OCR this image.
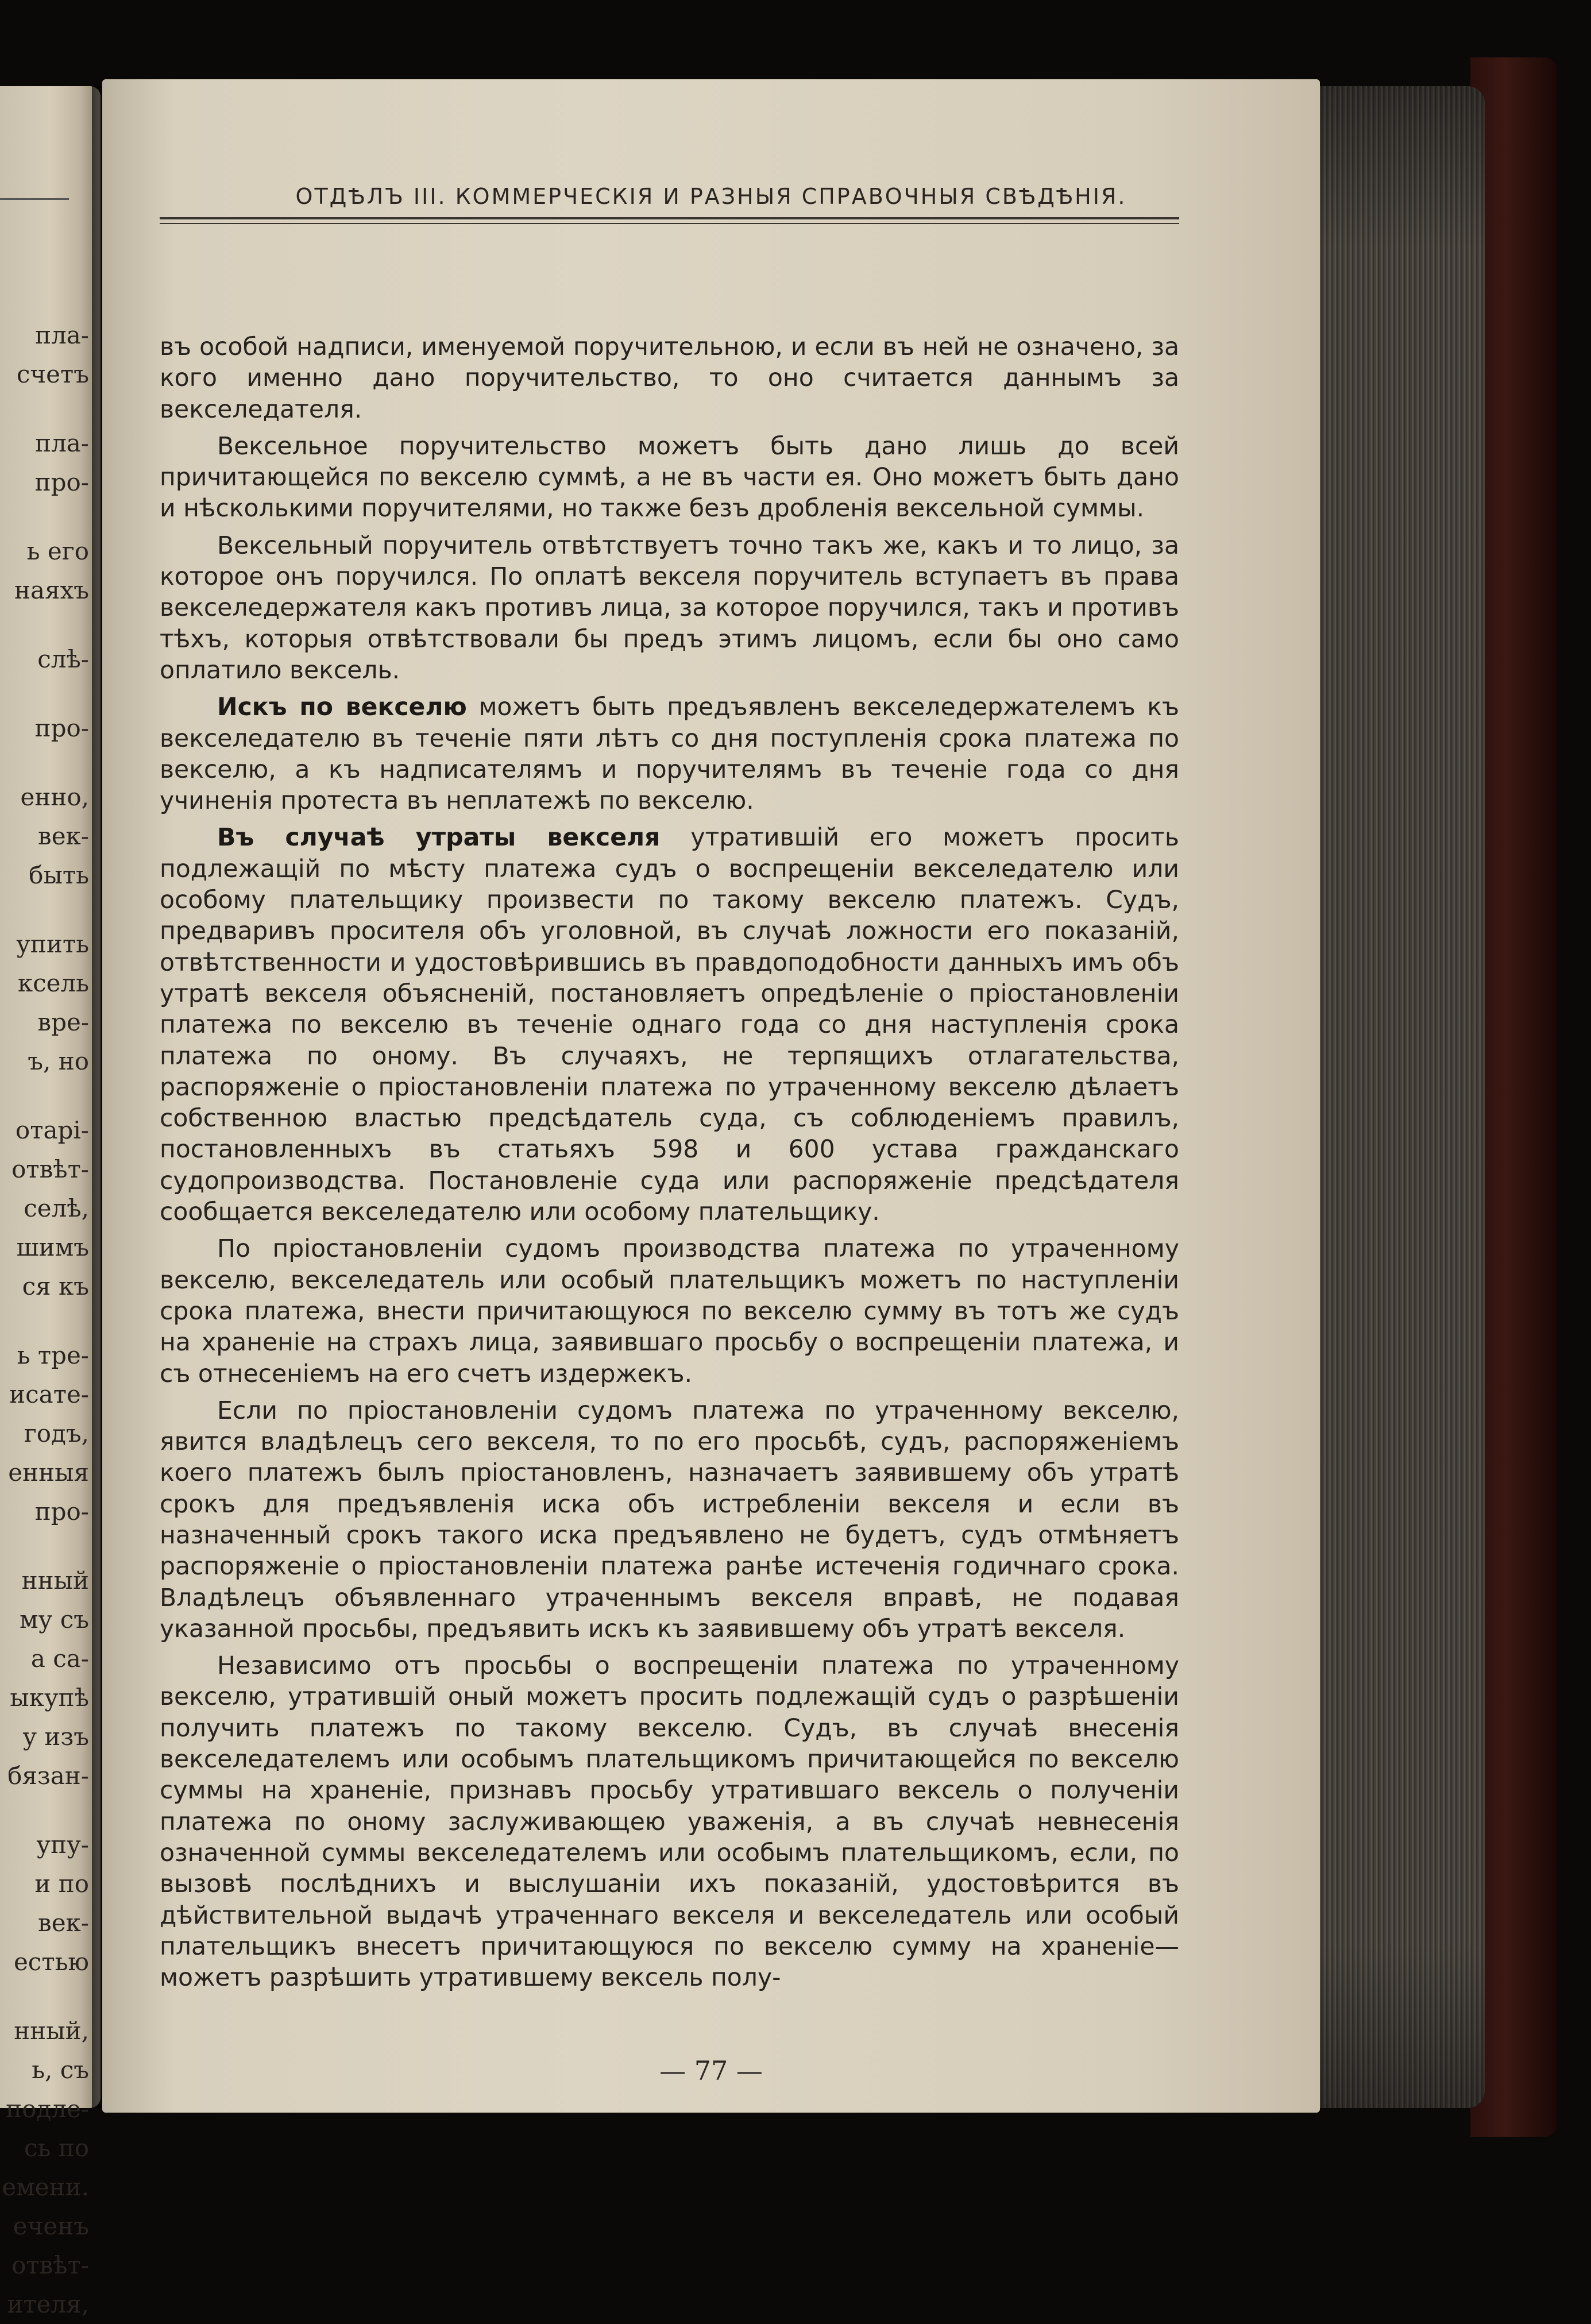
пла-
счетъ
пла-
про-
ь его
наяхъ
слѣ-
про-
енно,
век-
быть
упить
ксель
вре-
ъ, но
отарі-
отвѣт-
селѣ,
шимъ
ся къ
ь тре-
исате-
годъ,
енныя
про-
нный
му съ
а са-
ыкупѣ
у изъ
бязан-
упу-
и по
век-
естью
нный,
ь, съ
подле-
сь по
емени.
еченъ
отвѣт-
ителя,
ОТДѢЛЪ III. КОММЕРЧЕСКІЯ И РАЗНЫЯ СПРАВОЧНЫЯ СВѢДѢНІЯ.

въ особой надписи, именуемой поручительною, и если въ ней не означено, за кого именно дано поручительство, то оно считается даннымъ за векселедателя.

Вексельное поручительство можетъ быть дано лишь до всей причитающейся по векселю суммѣ, а не въ части ея. Оно можетъ быть дано и нѣсколькими поручителями, но также безъ дробленія вексельной суммы.

Вексельный поручитель отвѣтствуетъ точно такъ же, какъ и то лицо, за которое онъ поручился. По оплатѣ векселя поручитель вступаетъ въ права векселедержателя какъ противъ лица, за которое поручился, такъ и противъ тѣхъ, которыя отвѣтствовали бы предъ этимъ лицомъ, если бы оно само оплатило вексель.

Искъ по векселю можетъ быть предъявленъ векселедержателемъ къ векселедателю въ теченіе пяти лѣтъ со дня поступленія срока платежа по векселю, а къ надписателямъ и поручителямъ въ теченіе года со дня учиненія протеста въ неплатежѣ по векселю.

Въ случаѣ утраты векселя утратившій его можетъ просить подлежащій по мѣсту платежа судъ о воспрещеніи векселедателю или особому плательщику произвести по такому векселю платежъ. Судъ, предваривъ просителя объ уголовной, въ случаѣ ложности его показаній, отвѣтственности и удостовѣрившись въ правдоподобности данныхъ имъ объ утратѣ векселя объясненій, постановляетъ опредѣленіе о пріостановленіи платежа по векселю въ теченіе однаго года со дня наступленія срока платежа по оному. Въ случаяхъ, не терпящихъ отлагательства, распоряженіе о пріостановленіи платежа по утраченному векселю дѣлаетъ собственною властью предсѣдатель суда, съ соблюденіемъ правилъ, постановленныхъ въ статьяхъ 598 и 600 устава гражданскаго судопроизводства. Постановленіе суда или распоряженіе предсѣдателя сообщается векселедателю или особому плательщику.

По пріостановленіи судомъ производства платежа по утраченному векселю, векселедатель или особый плательщикъ можетъ по наступленіи срока платежа, внести причитающуюся по векселю сумму въ тотъ же судъ на храненіе на страхъ лица, заявившаго просьбу о воспрещеніи платежа, и съ отнесеніемъ на его счетъ издержекъ.

Если по пріостановленіи судомъ платежа по утраченному векселю, явится владѣлецъ сего векселя, то по его просьбѣ, судъ, распоряженіемъ коего платежъ былъ пріостановленъ, назначаетъ заявившему объ утратѣ срокъ для предъявленія иска объ истребленіи векселя и если въ назначенный срокъ такого иска предъявлено не будетъ, судъ отмѣняетъ распоряженіе о пріостановленіи платежа ранѣе истеченія годичнаго срока. Владѣлецъ объявленнаго утраченнымъ векселя вправѣ, не подавая указанной просьбы, предъявить искъ къ заявившему объ утратѣ векселя.

Независимо отъ просьбы о воспрещеніи платежа по утраченному векселю, утратившій оный можетъ просить подлежащій судъ о разрѣшеніи получить платежъ по такому векселю. Судъ, въ случаѣ внесенія векселедателемъ или особымъ плательщикомъ причитающейся по векселю суммы на храненіе, признавъ просьбу утратившаго вексель о полученіи платежа по оному заслуживающею уваженія, а въ случаѣ невнесенія означенной суммы векселедателемъ или особымъ плательщикомъ, если, по вызовѣ послѣднихъ и выслушаніи ихъ показаній, удостовѣрится въ дѣйствительной выдачѣ утраченнаго векселя и векселедатель или особый плательщикъ внесетъ причитающуюся по векселю сумму на храненіе—можетъ разрѣшить утратившему вексель полу-

— 77 —
